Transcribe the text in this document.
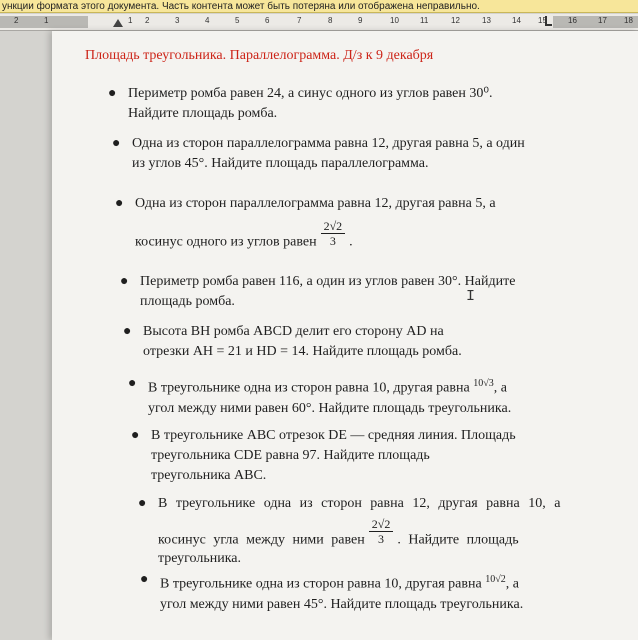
ункции формата этого документа. Часть контента может быть потеряна или отображена неправильно.
2	1	1 2	3	4	5	6	7	8	9	10	11	12	13	14 15	16	17 18
Площадь треугольника. Параллелограмма. Д/з к 9 декабря
● Периметр ромба равен 24, а синус одного из углов равен 30⁰.
Найдите площадь ромба.
● Одна из сторон параллелограмма равна 12, другая равна 5, а один
из углов 45°. Найдите площадь параллелограмма.
● Одна из сторон параллелограмма равна 12, другая равна 5, а
косинус одного из углов равен $\frac{2√2}{3}$ .
● Периметр ромба равен 116, а один из углов равен 30°. Найдите
площадь ромба.	I
● Высота BH ромба ABCD делит его сторону AD на
отрезки AH = 21 и HD = 14. Найдите площадь ромба.
● В треугольнике одна из сторон равна 10, другая равна $^{10√3}$, а
угол между ними равен 60°. Найдите площадь треугольника.
● В треугольнике ABC отрезок DE — средняя линия. Площадь
треугольника CDE равна 97. Найдите площадь
треугольника ABC.
● В треугольнике одна из сторон равна 12, другая равна 10, а
косинус угла между ними равен $\frac{2√2}{3}$ . Найдите площадь
треугольника.
● В треугольнике одна из сторон равна 10, другая равна $^{10√2}$, а
угол между ними равен 45°. Найдите площадь треугольника.
